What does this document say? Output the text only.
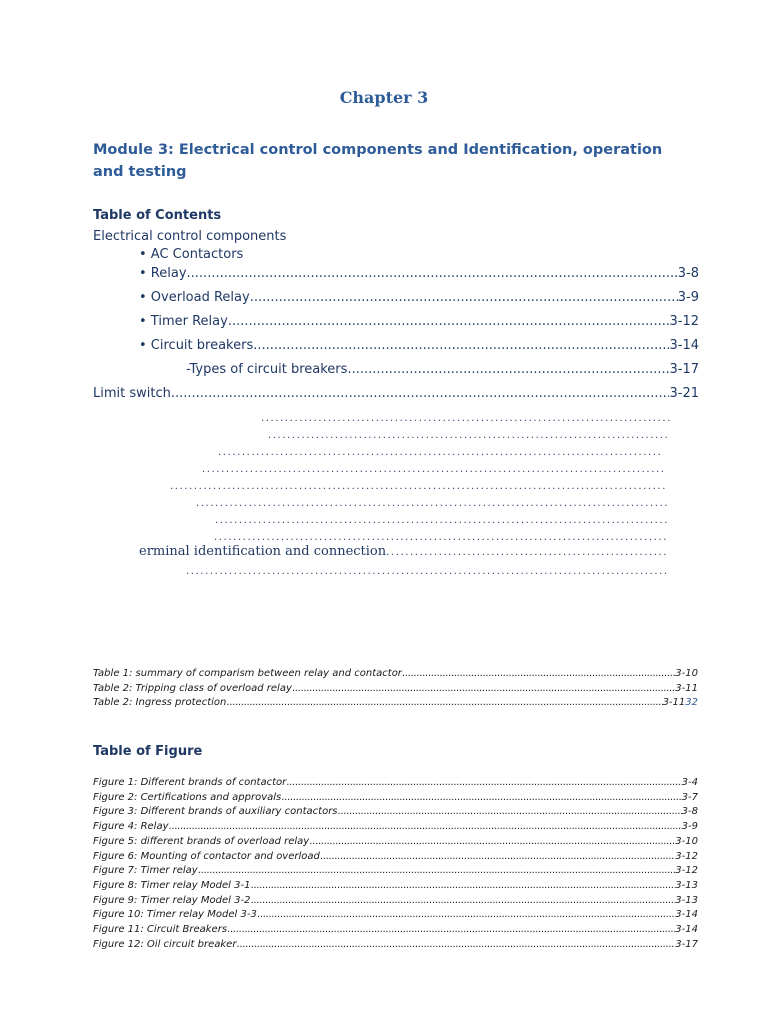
Chapter 3
Module 3: Electrical control components and Identification, operation and testing
Table of Contents
Electrical control components
• AC Contactors
• Relay .....	3-8
• Overload Relay .....	3-9
• Timer Relay .....	3-12
• Circuit breakers .....	3-14
-Types of circuit breakers .....	3-17
Limit switch .....	3-21
.....
.....
.....
.....
.....
.....
.....
.....
erminal identification and connection
.....
.....
Table 1: summary of comparism between relay and contactor .....	3-10
Table 2: Tripping class of overload relay .....	3-11
Table 2: Ingress protection .....	3-11 32
Table of Figure
Figure 1: Different brands of contactor .....	3-4
Figure 2: Certifications and approvals .....	3-7
Figure 3: Different brands of auxiliary contactors .....	3-8
Figure 4: Relay .....	3-9
Figure 5: different brands of overload relay .....	3-10
Figure 6: Mounting of contactor and overload .....	3-12
Figure 7: Timer relay .....	3-12
Figure 8: Timer relay Model 3-1 .....	3-13
Figure 9: Timer relay Model 3-2 .....	3-13
Figure 10: Timer relay Model 3-3 .....	3-14
Figure 11: Circuit Breakers .....	3-14
Figure 12: Oil circuit breaker .....	3-17
